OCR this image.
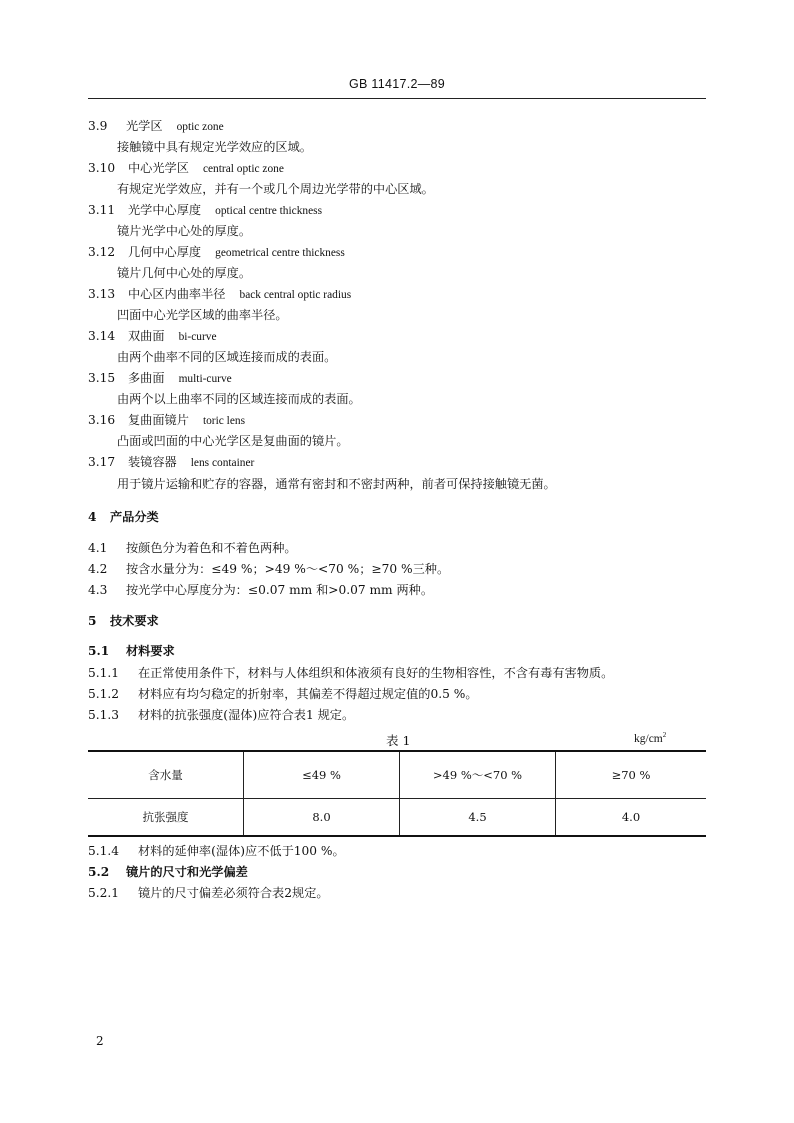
GB 11417.2—89
3.9 光学区 optic zone
接触镜中具有规定光学效应的区域。
3.10 中心光学区 central optic zone
有规定光学效应，并有一个或几个周边光学带的中心区域。
3.11 光学中心厚度 optical centre thickness
镜片光学中心处的厚度。
3.12 几何中心厚度 geometrical centre thickness
镜片几何中心处的厚度。
3.13 中心区内曲率半径 back central optic radius
凹面中心光学区域的曲率半径。
3.14 双曲面 bi-curve
由两个曲率不同的区域连接而成的表面。
3.15 多曲面 multi-curve
由两个以上曲率不同的区域连接而成的表面。
3.16 复曲面镜片 toric lens
凸面或凹面的中心光学区是复曲面的镜片。
3.17 装镜容器 lens container
用于镜片运输和贮存的容器，通常有密封和不密封两种，前者可保持接触镜无菌。
4 产品分类
4.1 按颜色分为着色和不着色两种。
4.2 按含水量分为：≤49 %；>49 %～<70 %；≥70 %三种。
4.3 按光学中心厚度分为：≤0.07 mm 和>0.07 mm 两种。
5 技术要求
5.1 材料要求
5.1.1 在正常使用条件下，材料与人体组织和体液须有良好的生物相容性，不含有毒有害物质。
5.1.2 材料应有均匀稳定的折射率，其偏差不得超过规定值的0.5 %。
5.1.3 材料的抗张强度(湿体)应符合表1 规定。
表 1	$kg/cm^2$
含水量	≤49 %	>49 %～<70 %	≥70 %
抗张强度	8.0	4.5	4.0
5.1.4 材料的延伸率(湿体)应不低于100 %。
5.2 镜片的尺寸和光学偏差
5.2.1 镜片的尺寸偏差必须符合表2规定。
2
